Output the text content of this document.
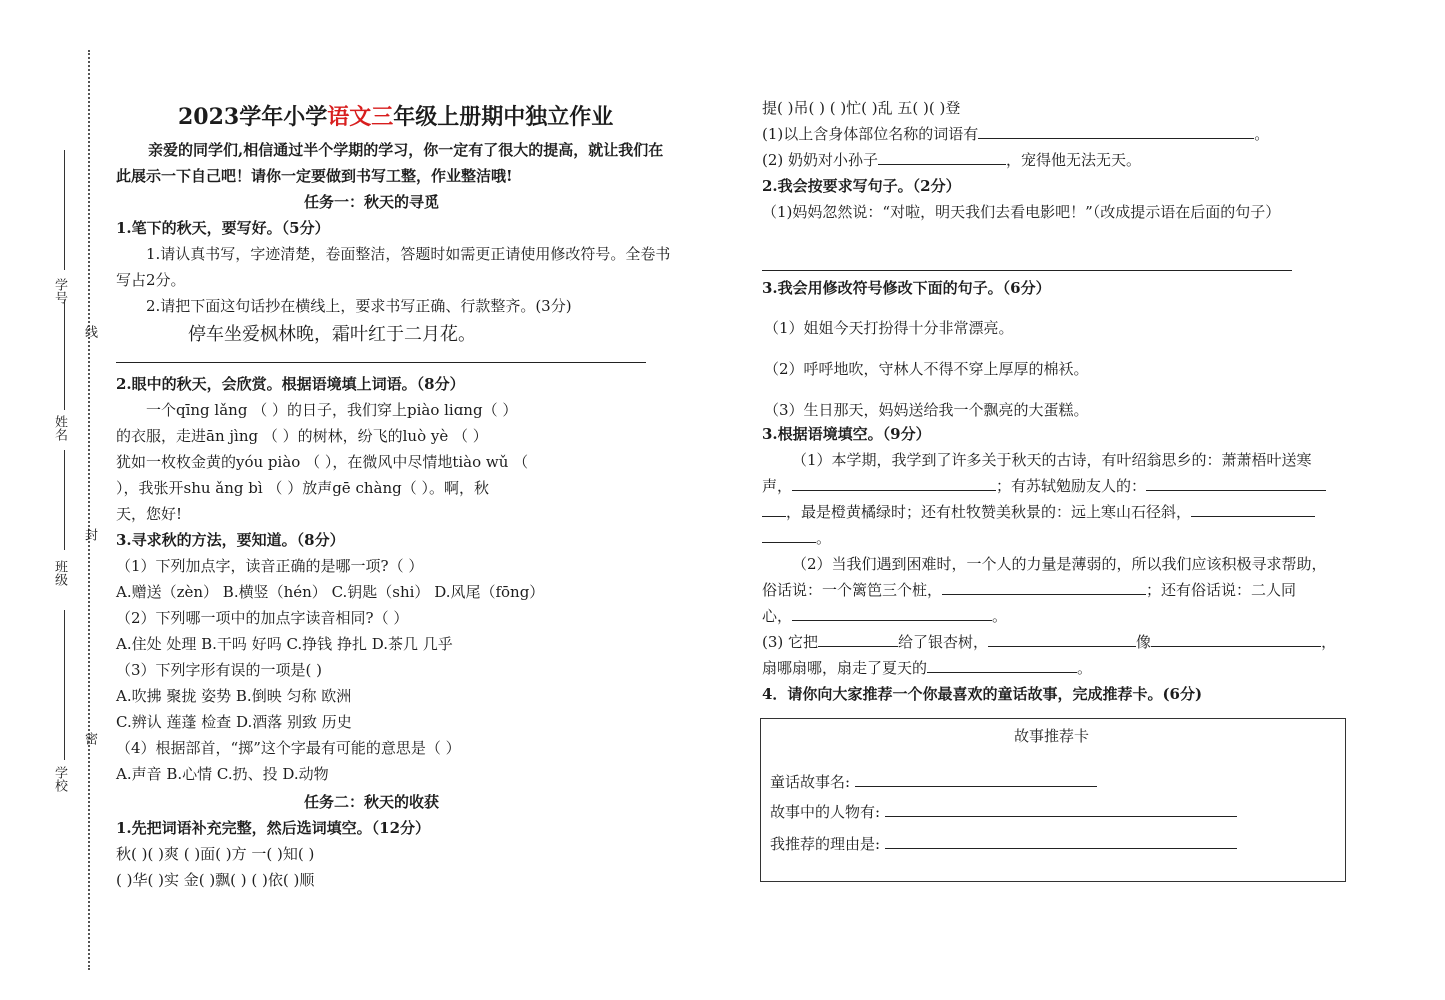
学号
线
姓名
封
班级
密
学校
2023学年小学语文三年级上册期中独立作业
亲爱的同学们,相信通过半个学期的学习，你一定有了很大的提高，就让我们在
此展示一下自己吧！请你一定要做到书写工整，作业整洁哦!
任务一：秋天的寻觅
1.笔下的秋天，要写好。（5分）
1.请认真书写，字迹清楚，卷面整洁，答题时如需更正请使用修改符号。全卷书
写占2分。
2.请把下面这句话抄在横线上，要求书写正确、行款整齐。(3分)
停车坐爱枫林晚，霜叶红于二月花。
2.眼中的秋天，会欣赏。根据语境填上词语。（8分）
一个qīng lǎng （ ）的日子，我们穿上piào liɑng（ ）
的衣服，走进ān jìng （ ）的树林，纷飞的luò yè （ ）
犹如一枚枚金黄的yóu piào （ ），在微风中尽情地tiào wǔ （
），我张开shu ǎng bì （ ）放声gē chàng（ ）。啊，秋
天，您好!
3.寻求秋的方法，要知道。（8分）
（1）下列加点字，读音正确的是哪一项?（ ）
A.赠送（zèn） B.横竖（hén） C.钥匙（shi） D.风尾（fōng）
（2）下列哪一项中的加点字读音相同?（ ）
A.住处 处理 B.干吗 好吗 C.挣钱 挣扎 D.茶几 几乎
（3）下列字形有误的一项是( )
A.吹拂 聚拢 姿势 B.倒映 匀称 欧洲
C.辨认 莲蓬 检查 D.酒落 别致 历史
（4）根据部首，“掷”这个字最有可能的意思是（ ）
A.声音 B.心情 C.扔、投 D.动物
任务二：秋天的收获
1.先把词语补充完整，然后选词填空。（12分）
秋( )( )爽 ( )面( )方 一( )知( )
( )华( )实 金( )飘( ) ( )依( )顺
提( )吊( ) ( )忙( )乱 五( )( )登
(1)以上含身体部位名称的词语有	。
(2) 奶奶对小孙子	，宠得他无法无天。
2.我会按要求写句子。（2分）
（1)妈妈忽然说：“对啦，明天我们去看电影吧！”（改成提示语在后面的句子）
3.我会用修改符号修改下面的句子。（6分）
（1）姐姐今天打扮得十分非常漂亮。
（2）呼呼地吹，守林人不得不穿上厚厚的棉袄。
（3）生日那天，妈妈送给我一个飘亮的大蛋糕。
3.根据语境填空。（9分）
（1）本学期，我学到了许多关于秋天的古诗，有叶绍翁思乡的：萧萧梧叶送寒
声，	；有苏轼勉励友人的：
，最是橙黄橘绿时；还有杜牧赞美秋景的：远上寒山石径斜，
。
（2）当我们遇到困难时，一个人的力量是薄弱的，所以我们应该积极寻求帮助，
俗话说：一个篱笆三个桩，	；还有俗话说：二人同
心，	。
(3) 它把	给了银杏树，	像	，
扇哪扇哪，扇走了夏天的	。
4．请你向大家推荐一个你最喜欢的童话故事，完成推荐卡。(6分)
故事推荐卡
童话故事名:
故事中的人物有:
我推荐的理由是:
